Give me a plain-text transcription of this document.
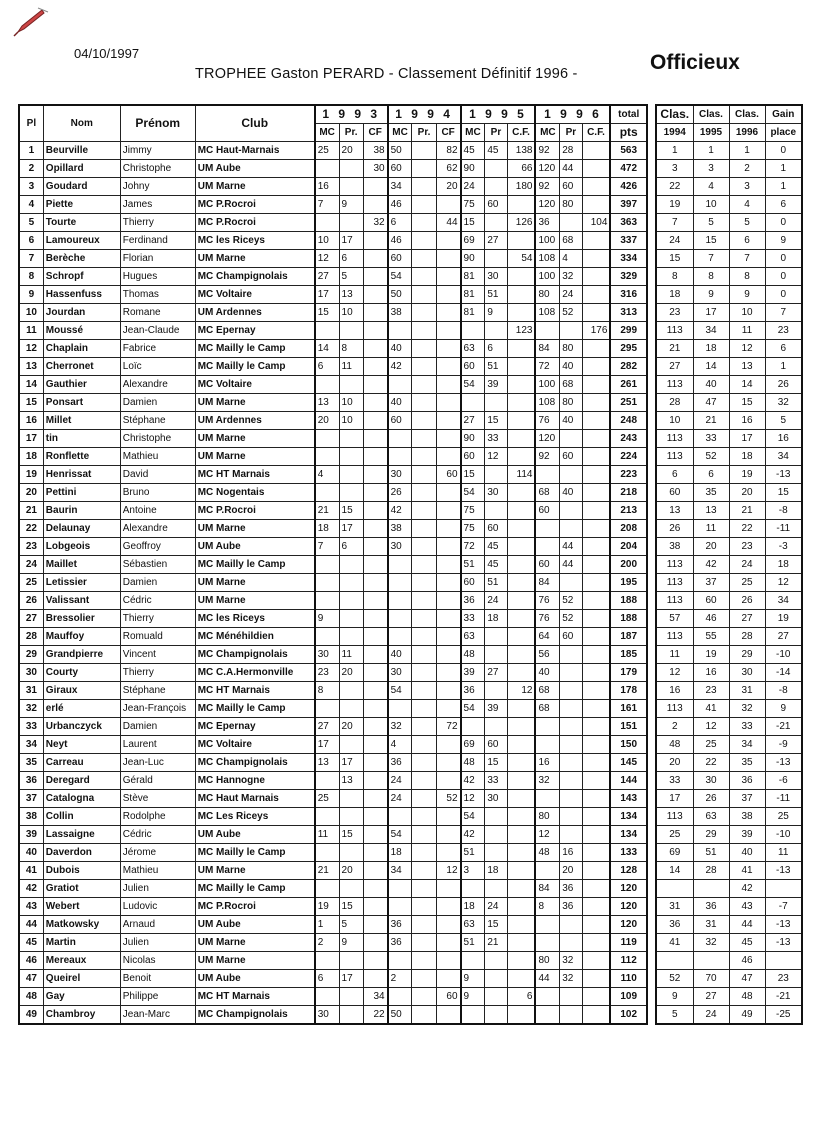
04/10/1997
TROPHEE Gaston PERARD - Classement Définitif 1996 -	Officieux
Pl	Nom	Prénom	Club	1 9 9 3			1 9 9 4			1 9 9 5			1 9 9 6			total
				MC	Pr.	CF	MC	Pr.	CF	MC	Pr	C.F.	MC	Pr	C.F.	pts
1	Beurville	Jimmy	MC Haut-Marnais	25	20	38	50		82	45	45	138	92	28		563
2	Opillard	Christophe	UM Aube			30	60		62	90		66	120	44		472
3	Goudard	Johny	UM Marne	16			34		20	24		180	92	60		426
4	Piette	James	MC P.Rocroi	7	9		46			75	60		120	80		397
5	Tourte	Thierry	MC P.Rocroi			32	6		44	15		126	36		104	363
6	Lamoureux	Ferdinand	MC les Riceys	10	17		46			69	27		100	68		337
7	Berèche	Florian	UM Marne	12	6		60			90		54	108	4		334
8	Schropf	Hugues	MC Champignolais	27	5		54			81	30		100	32		329
9	Hassenfuss	Thomas	MC Voltaire	17	13		50			81	51		80	24		316
10	Jourdan	Romane	UM Ardennes	15	10		38			81	9		108	52		313
11	Moussé	Jean-Claude	MC Epernay									123			176	299
12	Chaplain	Fabrice	MC Mailly le Camp	14	8		40			63	6		84	80		295
13	Cherronet	Loïc	MC Mailly le Camp	6	11		42			60	51		72	40		282
14	Gauthier	Alexandre	MC Voltaire							54	39		100	68		261
15	Ponsart	Damien	UM Marne	13	10		40						108	80		251
16	Millet	Stéphane	UM Ardennes	20	10		60			27	15		76	40		248
17	tin	Christophe	UM Marne							90	33		120			243
18	Ronflette	Mathieu	UM Marne							60	12		92	60		224
19	Henrissat	David	MC HT Marnais	4			30		60	15		114				223
20	Pettini	Bruno	MC Nogentais				26			54	30		68	40		218
21	Baurin	Antoine	MC P.Rocroi	21	15		42			75			60			213
22	Delaunay	Alexandre	UM Marne	18	17		38			75	60					208
23	Lobgeois	Geoffroy	UM Aube	7	6		30			72	45			44		204
24	Maillet	Sébastien	MC Mailly le Camp							51	45		60	44		200
25	Letissier	Damien	UM Marne							60	51		84			195
26	Valissant	Cédric	UM Marne							36	24		76	52		188
27	Bressolier	Thierry	MC les Riceys	9						33	18		76	52		188
28	Mauffoy	Romuald	MC Ménéhildien							63			64	60		187
29	Grandpierre	Vincent	MC Champignolais	30	11		40			48			56			185
30	Courty	Thierry	MC C.A.Hermonville	23	20		30			39	27		40			179
31	Giraux	Stéphane	MC HT Marnais	8			54			36		12	68			178
32	erlé	Jean-François	MC Mailly le Camp							54	39		68			161
33	Urbanczyck	Damien	MC Epernay	27	20		32		72							151
34	Neyt	Laurent	MC Voltaire	17			4			69	60					150
35	Carreau	Jean-Luc	MC Champignolais	13	17		36			48	15		16			145
36	Deregard	Gérald	MC Hannogne		13		24			42	33		32			144
37	Catalogna	Stève	MC Haut Marnais	25			24		52	12	30					143
38	Collin	Rodolphe	MC Les Riceys							54			80			134
39	Lassaigne	Cédric	UM Aube	11	15		54			42			12			134
40	Daverdon	Jérome	MC Mailly le Camp				18			51			48	16		133
41	Dubois	Mathieu	UM Marne	21	20		34		12	3	18			20		128
42	Gratiot	Julien	MC Mailly le Camp										84	36		120
43	Webert	Ludovic	MC P.Rocroi	19	15					18	24		8	36		120
44	Matkowsky	Arnaud	UM Aube	1	5		36			63	15					120
45	Martin	Julien	UM Marne	2	9		36			51	21					119
46	Mereaux	Nicolas	UM Marne										80	32		112
47	Queirel	Benoit	UM Aube	6	17		2			9			44	32		110
48	Gay	Philippe	MC HT Marnais			34			60	9		6				109
49	Chambroy	Jean-Marc	MC Champignolais	30		22	50									102
Clas.	Clas.	Clas.	Gain
1994	1995	1996	place
1	1	1	0
3	3	2	1
22	4	3	1
19	10	4	6
7	5	5	0
24	15	6	9
15	7	7	0
8	8	8	0
18	9	9	0
23	17	10	7
113	34	11	23
21	18	12	6
27	14	13	1
113	40	14	26
28	47	15	32
10	21	16	5
113	33	17	16
113	52	18	34
6	6	19	-13
60	35	20	15
13	13	21	-8
26	11	22	-11
38	20	23	-3
113	42	24	18
113	37	25	12
113	60	26	34
57	46	27	19
113	55	28	27
11	19	29	-10
12	16	30	-14
16	23	31	-8
113	41	32	9
2	12	33	-21
48	25	34	-9
20	22	35	-13
33	30	36	-6
17	26	37	-11
113	63	38	25
25	29	39	-10
69	51	40	11
14	28	41	-13
		42	
31	36	43	-7
36	31	44	-13
41	32	45	-13
		46	
52	70	47	23
9	27	48	-21
5	24	49	-25
